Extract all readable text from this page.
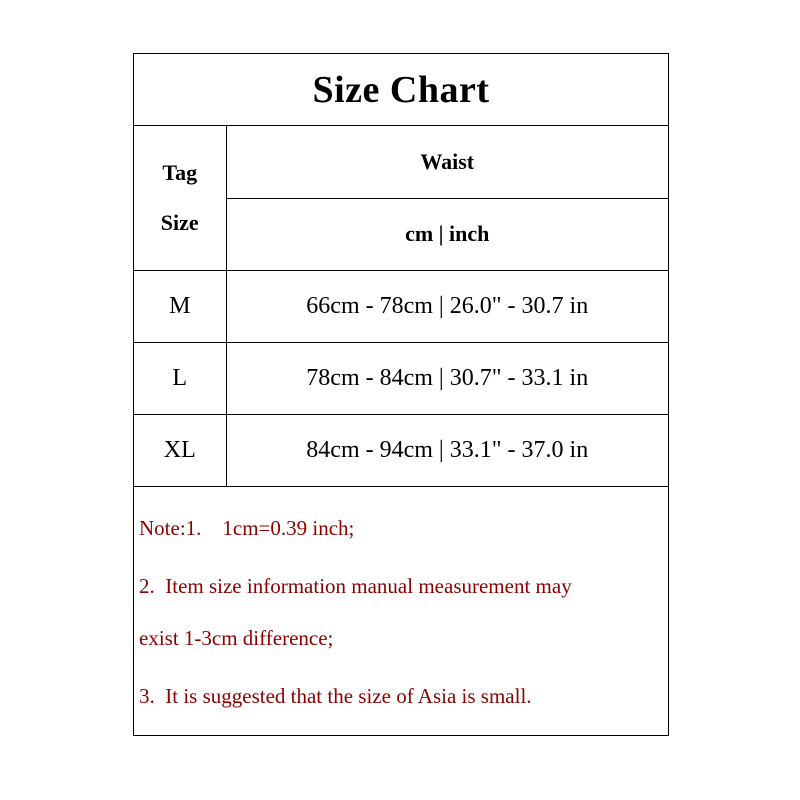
Size Chart
Tag
Size	Waist
	cm | inch
M	66cm - 78cm | 26.0" - 30.7 in
L	78cm - 84cm | 30.7" - 33.1 in
XL	84cm - 94cm | 33.1" - 37.0 in
Note:1.    1cm=0.39 inch;
2.  Item size information manual measurement may
exist 1-3cm difference;
3.  It is suggested that the size of Asia is small.
